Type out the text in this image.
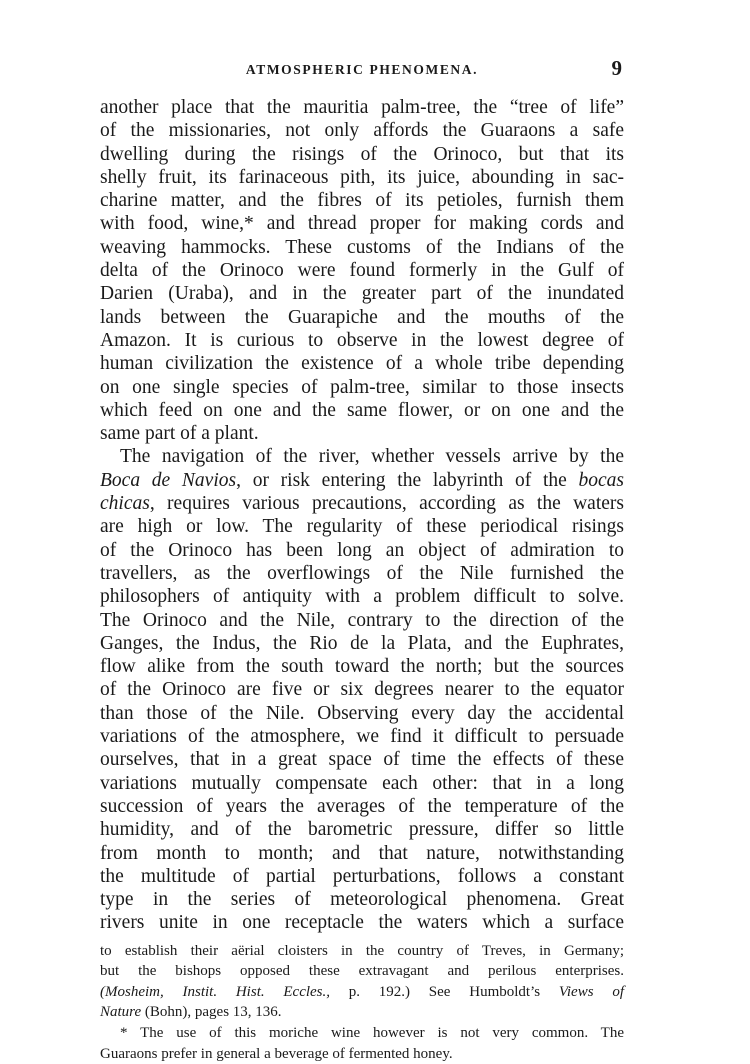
ATMOSPHERIC PHENOMENA.	9
another place that the mauritia palm-tree, the “tree of life”
of the missionaries, not only affords the Guaraons a safe
dwelling during the risings of the Orinoco, but that its
shelly fruit, its farinaceous pith, its juice, abounding in sac-
charine matter, and the fibres of its petioles, furnish them
with food, wine,* and thread proper for making cords and
weaving hammocks. These customs of the Indians of the
delta of the Orinoco were found formerly in the Gulf of
Darien (Uraba), and in the greater part of the inundated
lands between the Guarapiche and the mouths of the
Amazon. It is curious to observe in the lowest degree of
human civilization the existence of a whole tribe depending
on one single species of palm-tree, similar to those insects
which feed on one and the same flower, or on one and the
same part of a plant.
The navigation of the river, whether vessels arrive by the
Boca de Navios, or risk entering the labyrinth of the bocas
chicas, requires various precautions, according as the waters
are high or low. The regularity of these periodical risings
of the Orinoco has been long an object of admiration to
travellers, as the overflowings of the Nile furnished the
philosophers of antiquity with a problem difficult to solve.
The Orinoco and the Nile, contrary to the direction of the
Ganges, the Indus, the Rio de la Plata, and the Euphrates,
flow alike from the south toward the north; but the sources
of the Orinoco are five or six degrees nearer to the equator
than those of the Nile. Observing every day the accidental
variations of the atmosphere, we find it difficult to persuade
ourselves, that in a great space of time the effects of these
variations mutually compensate each other: that in a long
succession of years the averages of the temperature of the
humidity, and of the barometric pressure, differ so little
from month to month; and that nature, notwithstanding
the multitude of partial perturbations, follows a constant
type in the series of meteorological phenomena. Great
rivers unite in one receptacle the waters which a surface
to establish their aërial cloisters in the country of Treves, in Germany;
but the bishops opposed these extravagant and perilous enterprises.
(Mosheim, Instit. Hist. Eccles., p. 192.) See Humboldt’s Views of
Nature (Bohn), pages 13, 136.
* The use of this moriche wine however is not very common. The
Guaraons prefer in general a beverage of fermented honey.
